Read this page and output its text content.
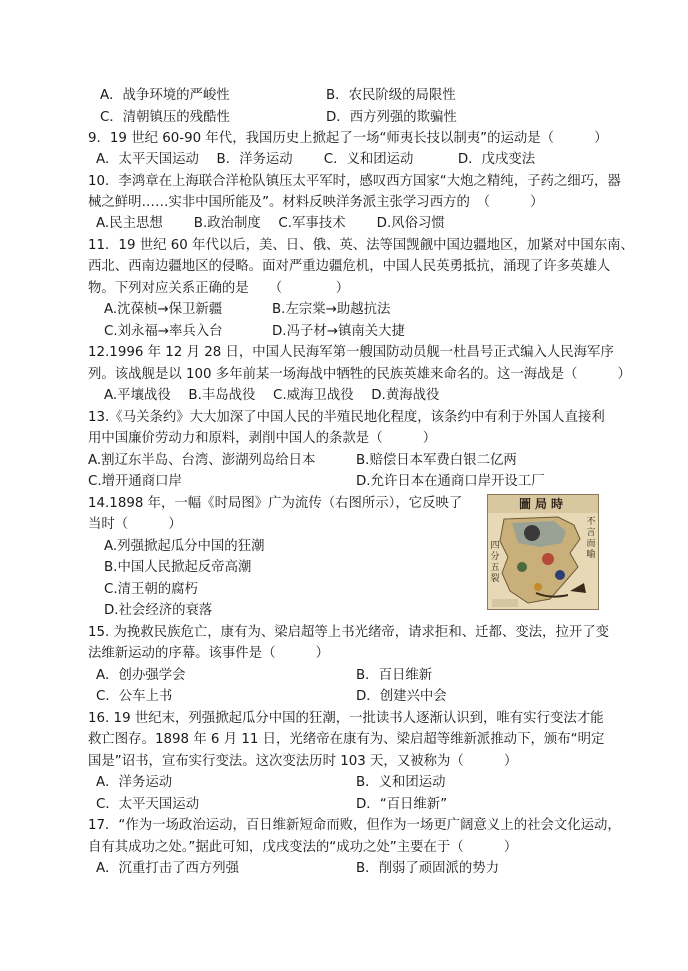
A．战争环境的严峻性	B．农民阶级的局限性
C．清朝镇压的残酷性	D．西方列强的欺骗性
9．19 世纪 60-90 年代，我国历史上掀起了一场“师夷长技以制夷”的运动是（　　　）
A．太平天国运动　 B．洋务运动　　 C．义和团运动　　　 D．戊戌变法
10．李鸿章在上海联合洋枪队镇压太平军时，感叹西方国家“大炮之精纯，子药之细巧，器
械之鲜明……实非中国所能及”。材料反映洋务派主张学习西方的　（　　　）
A.民主思想　　 B.政治制度　 C.军事技术　　 D.风俗习惯
11．19 世纪 60 年代以后，美、日、俄、英、法等国觊觎中国边疆地区，加紧对中国东南、
西北、西南边疆地区的侵略。面对严重边疆危机，中国人民英勇抵抗，涌现了许多英雄人
物。下列对应关系正确的是　　（　　　　）
A.沈葆桢→保卫新疆	B.左宗棠→助越抗法
C.刘永福→率兵入台	D.冯子材→镇南关大捷
12.1996 年 12 月 28 日，中国人民海军第一艘国防动员舰一杜昌号正式编入人民海军序
列。该战舰是以 100 多年前某一场海战中牺牲的民族英雄来命名的。这一海战是（　　　）
A.平壤战役　 B.丰岛战役　 C.威海卫战役　 D.黄海战役
13.《马关条约》大大加深了中国人民的半殖民地化程度，该条约中有利于外国人直接利
用中国廉价劳动力和原料，剥削中国人的条款是（　　　）
A.割辽东半岛、台湾、澎湖列岛给日本	B.赔偿日本军费白银二亿两
C.增开通商口岸	D.允许日本在通商口岸开设工厂
14.1898 年，一幅《时局图》广为流传（右图所示），它反映了
当时（　　　）
A.列强掀起瓜分中国的狂潮
B.中国人民掀起反帝高潮
C.清王朝的腐朽
D.社会经济的衰落
15. 为挽救民族危亡，康有为、梁启超等上书光绪帝，请求拒和、迁都、变法，拉开了变
法维新运动的序幕。该事件是（　　　）
A．创办强学会	B．百日维新
C．公车上书	D．创建兴中会
16. 19 世纪末，列强掀起瓜分中国的狂潮，一批读书人逐渐认识到，唯有实行变法才能
救亡图存。1898 年 6 月 11 日，光绪帝在康有为、梁启超等维新派推动下，颁布“明定
国是”诏书，宣布实行变法。这次变法历时 103 天，又被称为（　　　）
A．洋务运动	B．义和团运动
C．太平天国运动	D．“百日维新”
17．“作为一场政治运动，百日维新短命而败，但作为一场更广阔意义上的社会文化运动，
自有其成功之处。”据此可知，戊戌变法的“成功之处”主要在于（　　　）
A．沉重打击了西方列强	B．削弱了顽固派的势力
圖局時
不言而喻
四分五裂
